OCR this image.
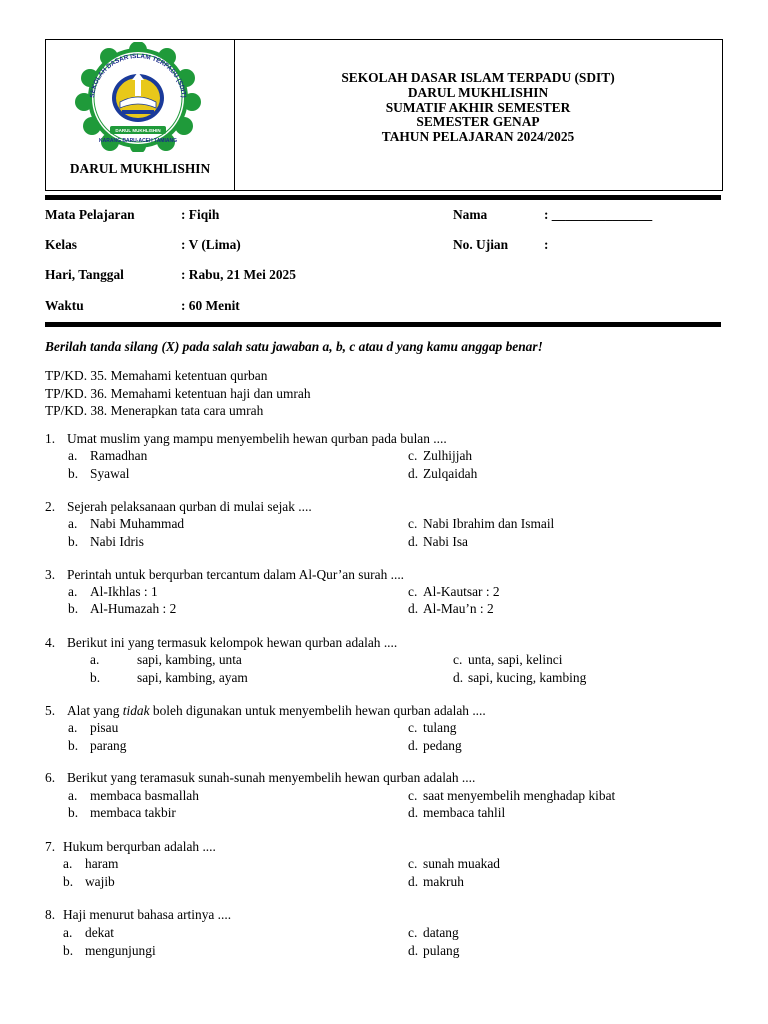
SEKOLAH DASAR ISLAM TERPADU (SDIT)
DARUL MUKHLISHIN
KARANG BARU-ACEH TAMIANG
DARUL MUKHLISHIN
SEKOLAH DASAR ISLAM TERPADU (SDIT)
DARUL MUKHLISHIN
SUMATIF AKHIR SEMESTER
SEMESTER GENAP
TAHUN PELAJARAN 2024/2025
Mata Pelajaran	: Fiqih	Nama	: _______________
Kelas	: V (Lima)	No. Ujian	:
Hari, Tanggal	: Rabu, 21 Mei 2025
Waktu	: 60 Menit
Berilah tanda silang (X) pada salah satu jawaban a, b, c atau d yang kamu anggap benar!
TP/KD. 35. Memahami ketentuan qurban
TP/KD. 36. Memahami ketentuan haji dan umrah
TP/KD. 38. Menerapkan tata cara umrah
1. Umat muslim yang mampu menyembelih hewan qurban pada bulan ....
a. Ramadhan
b. Syawal
c. Zulhijjah
d. Zulqaidah
2. Sejerah pelaksanaan qurban di mulai sejak ....
a. Nabi Muhammad
b. Nabi Idris
c. Nabi Ibrahim dan Ismail
d. Nabi Isa
3. Perintah untuk berqurban tercantum dalam Al-Qur’an surah ....
a. Al-Ikhlas : 1
b. Al-Humazah : 2
c. Al-Kautsar : 2
d. Al-Mau’n : 2
4. Berikut ini yang termasuk kelompok hewan qurban adalah ....
a.	sapi, kambing, unta
b.	sapi, kambing, ayam
c. unta, sapi, kelinci
d. sapi, kucing, kambing
5. Alat yang tidak boleh digunakan untuk menyembelih hewan qurban adalah ....
a. pisau
b. parang
c. tulang
d. pedang
6. Berikut yang teramasuk sunah-sunah menyembelih hewan qurban adalah ....
a. membaca basmallah
b. membaca takbir
c. saat menyembelih menghadap kibat
d. membaca tahlil
7. Hukum berqurban adalah ....
a. haram
b. wajib
c. sunah muakad
d. makruh
8. Haji menurut bahasa artinya ....
a. dekat
b. mengunjungi
c. datang
d. pulang
